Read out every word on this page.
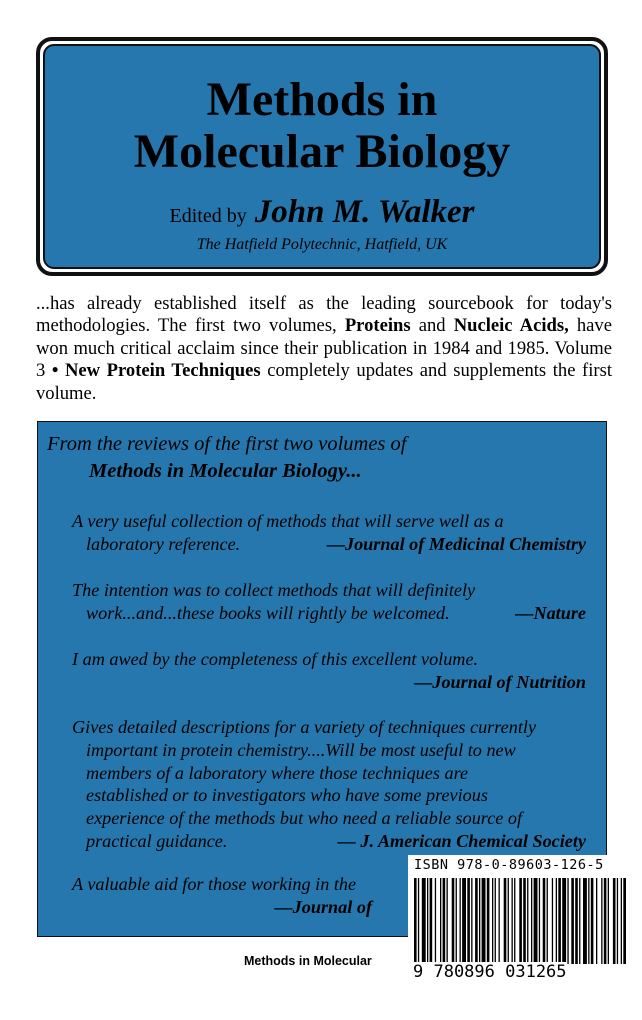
Methods in
Molecular Biology
Edited by John M. Walker
The Hatfield Polytechnic, Hatfield, UK

...has already established itself as the leading sourcebook for today's methodologies. The first two volumes, Proteins and Nucleic Acids, have won much critical acclaim since their publication in 1984 and 1985. Volume 3 • New Protein Techniques completely updates and supplements the first volume.

From the reviews of the first two volumes of
Methods in Molecular Biology...
A very useful collection of methods that will serve well as a
laboratory reference.	—Journal of Medicinal Chemistry
The intention was to collect methods that will definitely
work...and...these books will rightly be welcomed.	—Nature
I am awed by the completeness of this excellent volume.
—Journal of Nutrition
Gives detailed descriptions for a variety of techniques currently
important in protein chemistry....Will be most useful to new
members of a laboratory where those techniques are
established or to investigators who have some previous
experience of the methods but who need a reliable source of
practical guidance.	— J. American Chemical Society
A valuable aid for those working in the
—Journal of
ISBN 978-0-89603-126-5
9 780896 031265
Methods in Molecular
